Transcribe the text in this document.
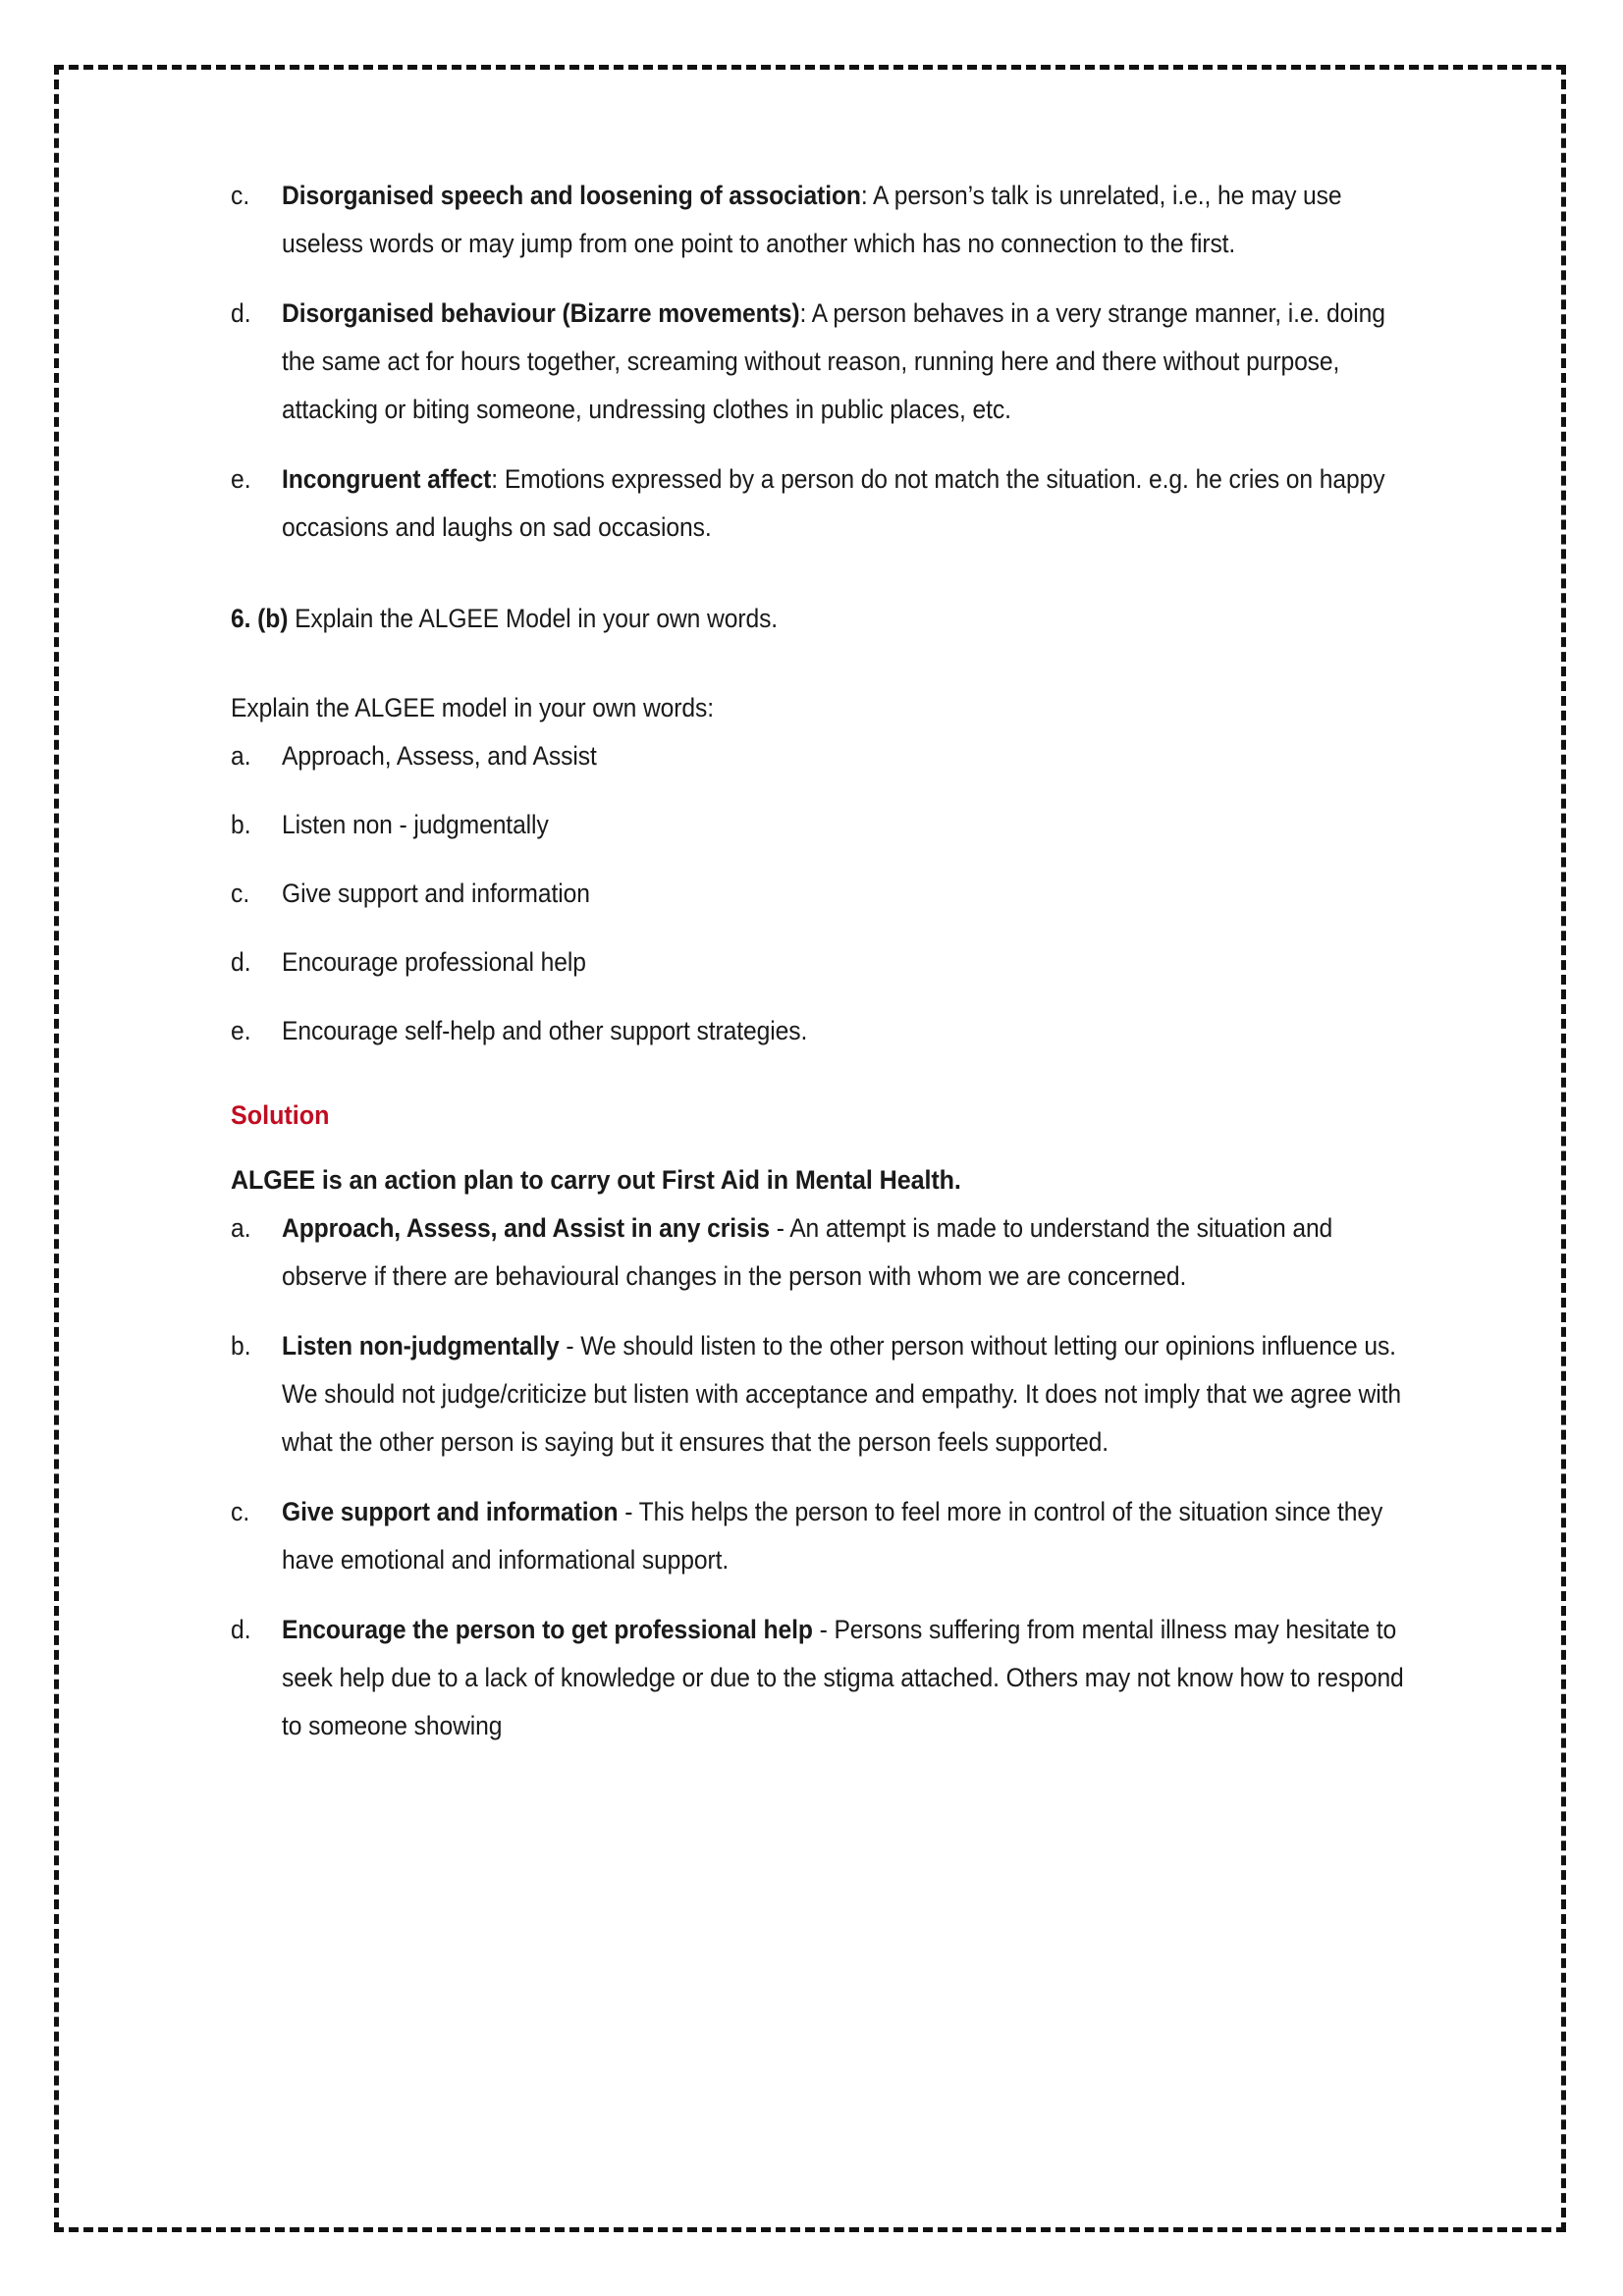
c.	Disorganised speech and loosening of association: A person’s talk is unrelated, i.e., he may use useless words or may jump from one point to another which has no connection to the first.
d.	Disorganised behaviour (Bizarre movements): A person behaves in a very strange manner, i.e. doing the same act for hours together, screaming without reason, running here and there without purpose, attacking or biting someone, undressing clothes in public places, etc.
e.	Incongruent affect: Emotions expressed by a person do not match the situation. e.g. he cries on happy occasions and laughs on sad occasions.

6. (b) Explain the ALGEE Model in your own words.

Explain the ALGEE model in your own words:

a.	Approach, Assess, and Assist
b.	Listen non - judgmentally
c.	Give support and information
d.	Encourage professional help
e.	Encourage self-help and other support strategies.

Solution

ALGEE is an action plan to carry out First Aid in Mental Health.

a.	Approach, Assess, and Assist in any crisis - An attempt is made to understand the situation and observe if there are behavioural changes in the person with whom we are concerned.
b.	Listen non-judgmentally - We should listen to the other person without letting our opinions influence us. We should not judge/criticize but listen with acceptance and empathy. It does not imply that we agree with what the other person is saying but it ensures that the person feels supported.
c.	Give support and information - This helps the person to feel more in control of the situation since they have emotional and informational support.
d.	Encourage the person to get professional help - Persons suffering from mental illness may hesitate to seek help due to a lack of knowledge or due to the stigma attached. Others may not know how to respond to someone showing
